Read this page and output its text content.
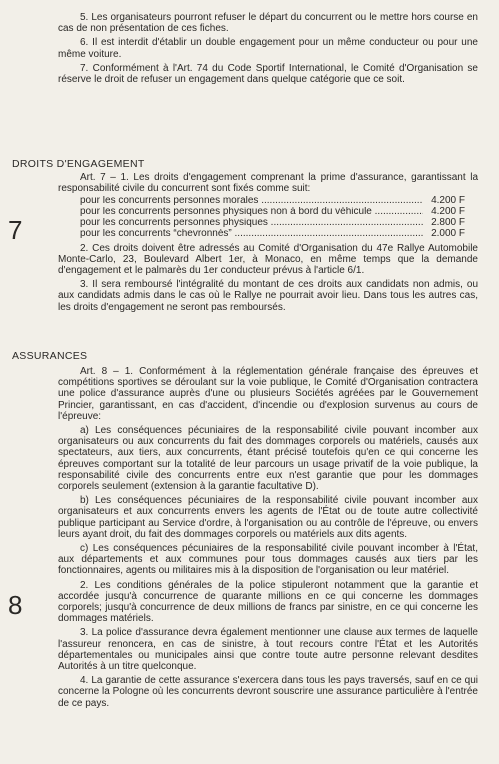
5. Les organisateurs pourront refuser le départ du concurrent ou le mettre hors course en cas de non présentation de ces fiches.

6. Il est interdit d'établir un double engagement pour un même conducteur ou pour une même voiture.

7. Conformément à l'Art. 74 du Code Sportif International, le Comité d'Organisation se réserve le droit de refuser un engagement dans quelque catégorie que ce soit.

DROITS D'ENGAGEMENT
7

Art. 7 – 1. Les droits d'engagement comprenant la prime d'assurance, garantissant la responsabilité civile du concurrent sont fixés comme suit:

pour les concurrents personnes morales .....	4.200 F
pour les concurrents personnes physiques non à bord du véhicule .....	4.200 F
pour les concurrents personnes physiques .....	2.800 F
pour les concurrents “chevronnés” .....	2.000 F

2. Ces droits doivent être adressés au Comité d'Organisation du 47e Rallye Automobile Monte-Carlo, 23, Boulevard Albert 1er, à Monaco, en même temps que la demande d'engagement et le palmarès du 1er conducteur prévus à l'article 6/1.

3. Il sera remboursé l'intégralité du montant de ces droits aux candidats non admis, ou aux candidats admis dans le cas où le Rallye ne pourrait avoir lieu. Dans tous les autres cas, les droits d'engagement ne seront pas remboursés.

ASSURANCES
8

Art. 8 – 1. Conformément à la réglementation générale française des épreuves et compétitions sportives se déroulant sur la voie publique, le Comité d'Organisation contractera une police d'assurance auprès d'une ou plusieurs Sociétés agréées par le Gouvernement Princier, garantissant, en cas d'accident, d'incendie ou d'explosion survenus au cours de l'épreuve:

a) Les conséquences pécuniaires de la responsabilité civile pouvant incomber aux organisateurs ou aux concurrents du fait des dommages corporels ou matériels, causés aux spectateurs, aux tiers, aux concurrents, étant précisé toutefois qu'en ce qui concerne les épreuves comportant sur la totalité de leur parcours un usage privatif de la voie publique, la responsabilité civile des concurrents entre eux n'est garantie que pour les dommages corporels seulement (extension à la garantie facultative D).

b) Les conséquences pécuniaires de la responsabilité civile pouvant incomber aux organisateurs et aux concurrents envers les agents de l'État ou de toute autre collectivité publique participant au Service d'ordre, à l'organisation ou au contrôle de l'épreuve, ou envers leurs ayant droit, du fait des dommages corporels ou matériels aux dits agents.

c) Les conséquences pécuniaires de la responsabilité civile pouvant incomber à l'État, aux départements et aux communes pour tous dommages causés aux tiers par les fonctionnaires, agents ou militaires mis à la disposition de l'organisation ou leur matériel.

2. Les conditions générales de la police stipuleront notamment que la garantie et accordée jusqu'à concurrence de quarante millions en ce qui concerne les dommages corporels; jusqu'à concurrence de deux millions de francs par sinistre, en ce qui concerne les dommages matériels.

3. La police d'assurance devra également mentionner une clause aux termes de laquelle l'assureur renoncera, en cas de sinistre, à tout recours contre l'État et les Autorités départementales ou municipales ainsi que contre toute autre personne relevant desdites Autorités à un titre quelconque.

4. La garantie de cette assurance s'exercera dans tous les pays traversés, sauf en ce qui concerne la Pologne où les concurrents devront souscrire une assurance particulière à l'entrée de ce pays.
